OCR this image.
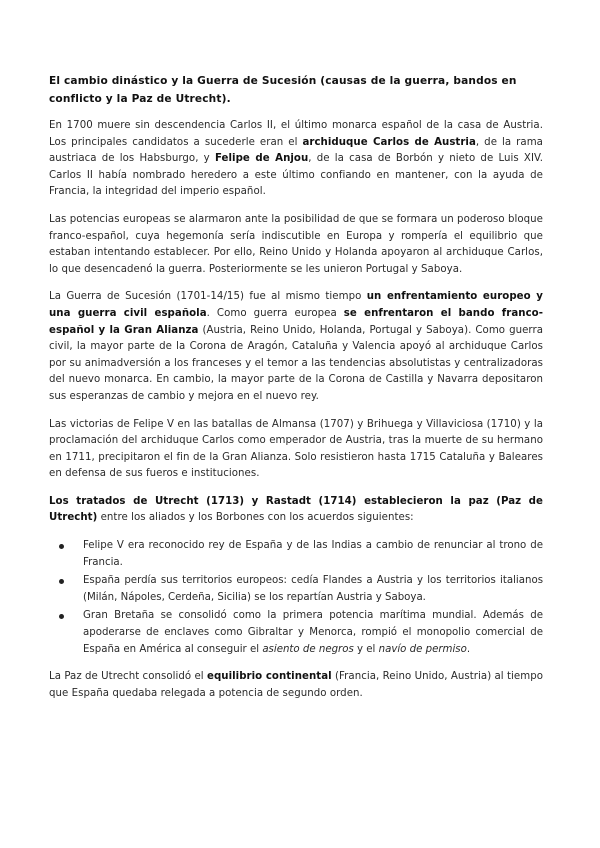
El cambio dinástico y la Guerra de Sucesión (causas de la guerra, bandos en conflicto y la Paz de Utrecht).

En 1700 muere sin descendencia Carlos II, el último monarca español de la casa de Austria. Los principales candidatos a sucederle eran el archiduque Carlos de Austria, de la rama austriaca de los Habsburgo, y Felipe de Anjou, de la casa de Borbón y nieto de Luis XIV. Carlos II había nombrado heredero a este último confiando en mantener, con la ayuda de Francia, la integridad del imperio español.

Las potencias europeas se alarmaron ante la posibilidad de que se formara un poderoso bloque franco-español, cuya hegemonía sería indiscutible en Europa y rompería el equilibrio que estaban intentando establecer. Por ello, Reino Unido y Holanda apoyaron al archiduque Carlos, lo que desencadenó la guerra. Posteriormente se les unieron Portugal y Saboya.

La Guerra de Sucesión (1701-14/15) fue al mismo tiempo un enfrentamiento europeo y una guerra civil española. Como guerra europea se enfrentaron el bando franco-español y la Gran Alianza (Austria, Reino Unido, Holanda, Portugal y Saboya). Como guerra civil, la mayor parte de la Corona de Aragón, Cataluña y Valencia apoyó al archiduque Carlos por su animadversión a los franceses y el temor a las tendencias absolutistas y centralizadoras del nuevo monarca. En cambio, la mayor parte de la Corona de Castilla y Navarra depositaron sus esperanzas de cambio y mejora en el nuevo rey.

Las victorias de Felipe V en las batallas de Almansa (1707) y Brihuega y Villaviciosa (1710) y la proclamación del archiduque Carlos como emperador de Austria, tras la muerte de su hermano en 1711, precipitaron el fin de la Gran Alianza. Solo resistieron hasta 1715 Cataluña y Baleares en defensa de sus fueros e instituciones.

Los tratados de Utrecht (1713) y Rastadt (1714) establecieron la paz (Paz de Utrecht) entre los aliados y los Borbones con los acuerdos siguientes:

Felipe V era reconocido rey de España y de las Indias a cambio de renunciar al trono de Francia.
España perdía sus territorios europeos: cedía Flandes a Austria y los territorios italianos (Milán, Nápoles, Cerdeña, Sicilia) se los repartían Austria y Saboya.
Gran Bretaña se consolidó como la primera potencia marítima mundial. Además de apoderarse de enclaves como Gibraltar y Menorca, rompió el monopolio comercial de España en América al conseguir el asiento de negros y el navío de permiso.

La Paz de Utrecht consolidó el equilibrio continental (Francia, Reino Unido, Austria) al tiempo que España quedaba relegada a potencia de segundo orden.
